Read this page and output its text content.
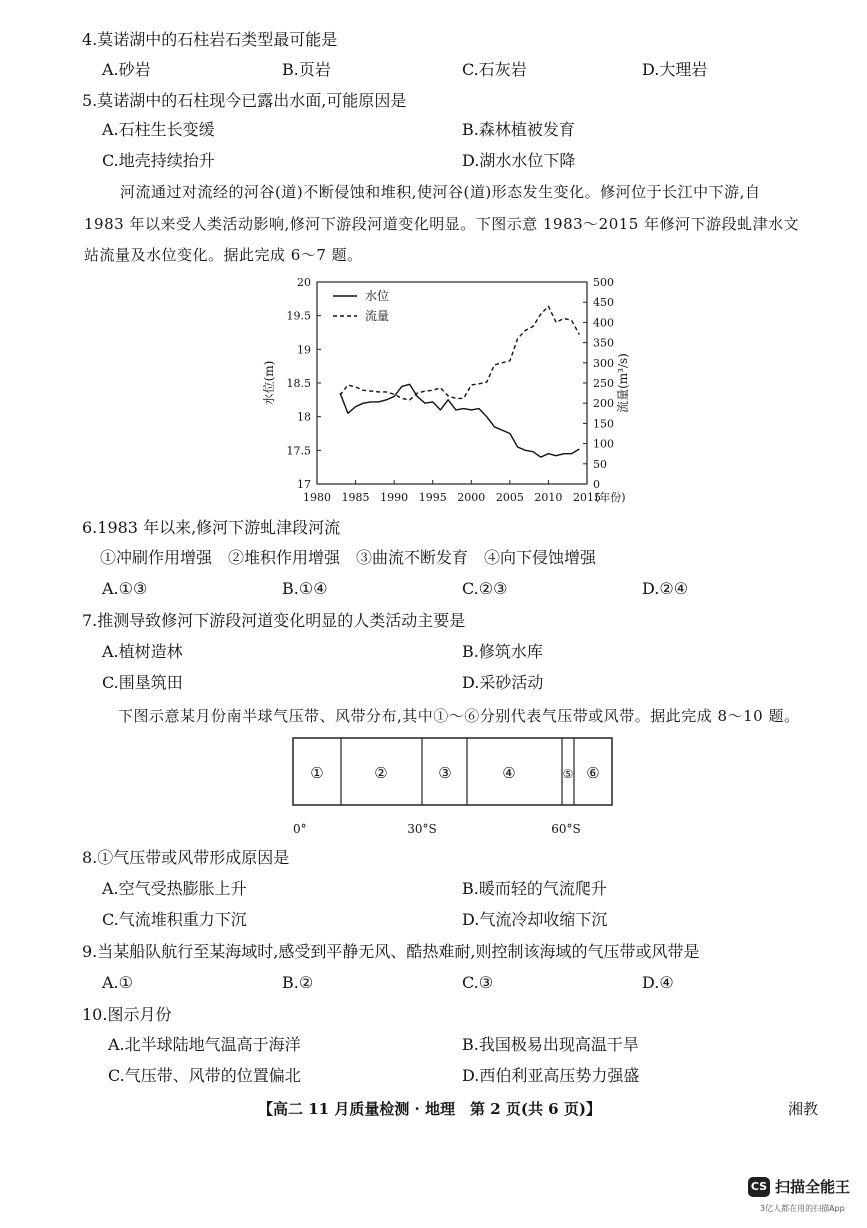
4.莫诺湖中的石柱岩石类型最可能是
A.砂岩	B.页岩	C.石灰岩	D.大理岩
5.莫诺湖中的石柱现今已露出水面,可能原因是
A.石柱生长变缓	B.森林植被发育
C.地壳持续抬升	D.湖水水位下降
河流通过对流经的河谷(道)不断侵蚀和堆积,使河谷(道)形态发生变化。修河位于长江中下游,自
1983 年以来受人类活动影响,修河下游段河道变化明显。下图示意 1983～2015 年修河下游段虬津水文
站流量及水位变化。据此完成 6～7 题。
1980 1985 1990 1995 2000 2005 2010 2015
(年份)
17
17.5
18
18.5
19
19.5
20
0
50
100
150
200
250
300
350
400
450
500
水位(m)	流量(m³/s)
水位
流量
6.1983 年以来,修河下游虬津段河流
①冲刷作用增强　②堆积作用增强　③曲流不断发育　④向下侵蚀增强
A.①③	B.①④	C.②③	D.②④
7.推测导致修河下游段河道变化明显的人类活动主要是
A.植树造林	B.修筑水库
C.围垦筑田	D.采砂活动
下图示意某月份南半球气压带、风带分布,其中①～⑥分别代表气压带或风带。据此完成 8～10 题。
①	②	③	④	⑤ ⑥
0°	30°S	60°S
8.①气压带或风带形成原因是
A.空气受热膨胀上升	B.暖而轻的气流爬升
C.气流堆积重力下沉	D.气流冷却收缩下沉
9.当某船队航行至某海域时,感受到平静无风、酷热难耐,则控制该海域的气压带或风带是
A.①	B.②	C.③	D.④
10.图示月份
A.北半球陆地气温高于海洋	B.我国极易出现高温干旱
C.气压带、风带的位置偏北	D.西伯利亚高压势力强盛
【高二 11 月质量检测 · 地理　第 2 页(共 6 页)】	湘教
CS 扫描全能王
3亿人都在用的扫描App
